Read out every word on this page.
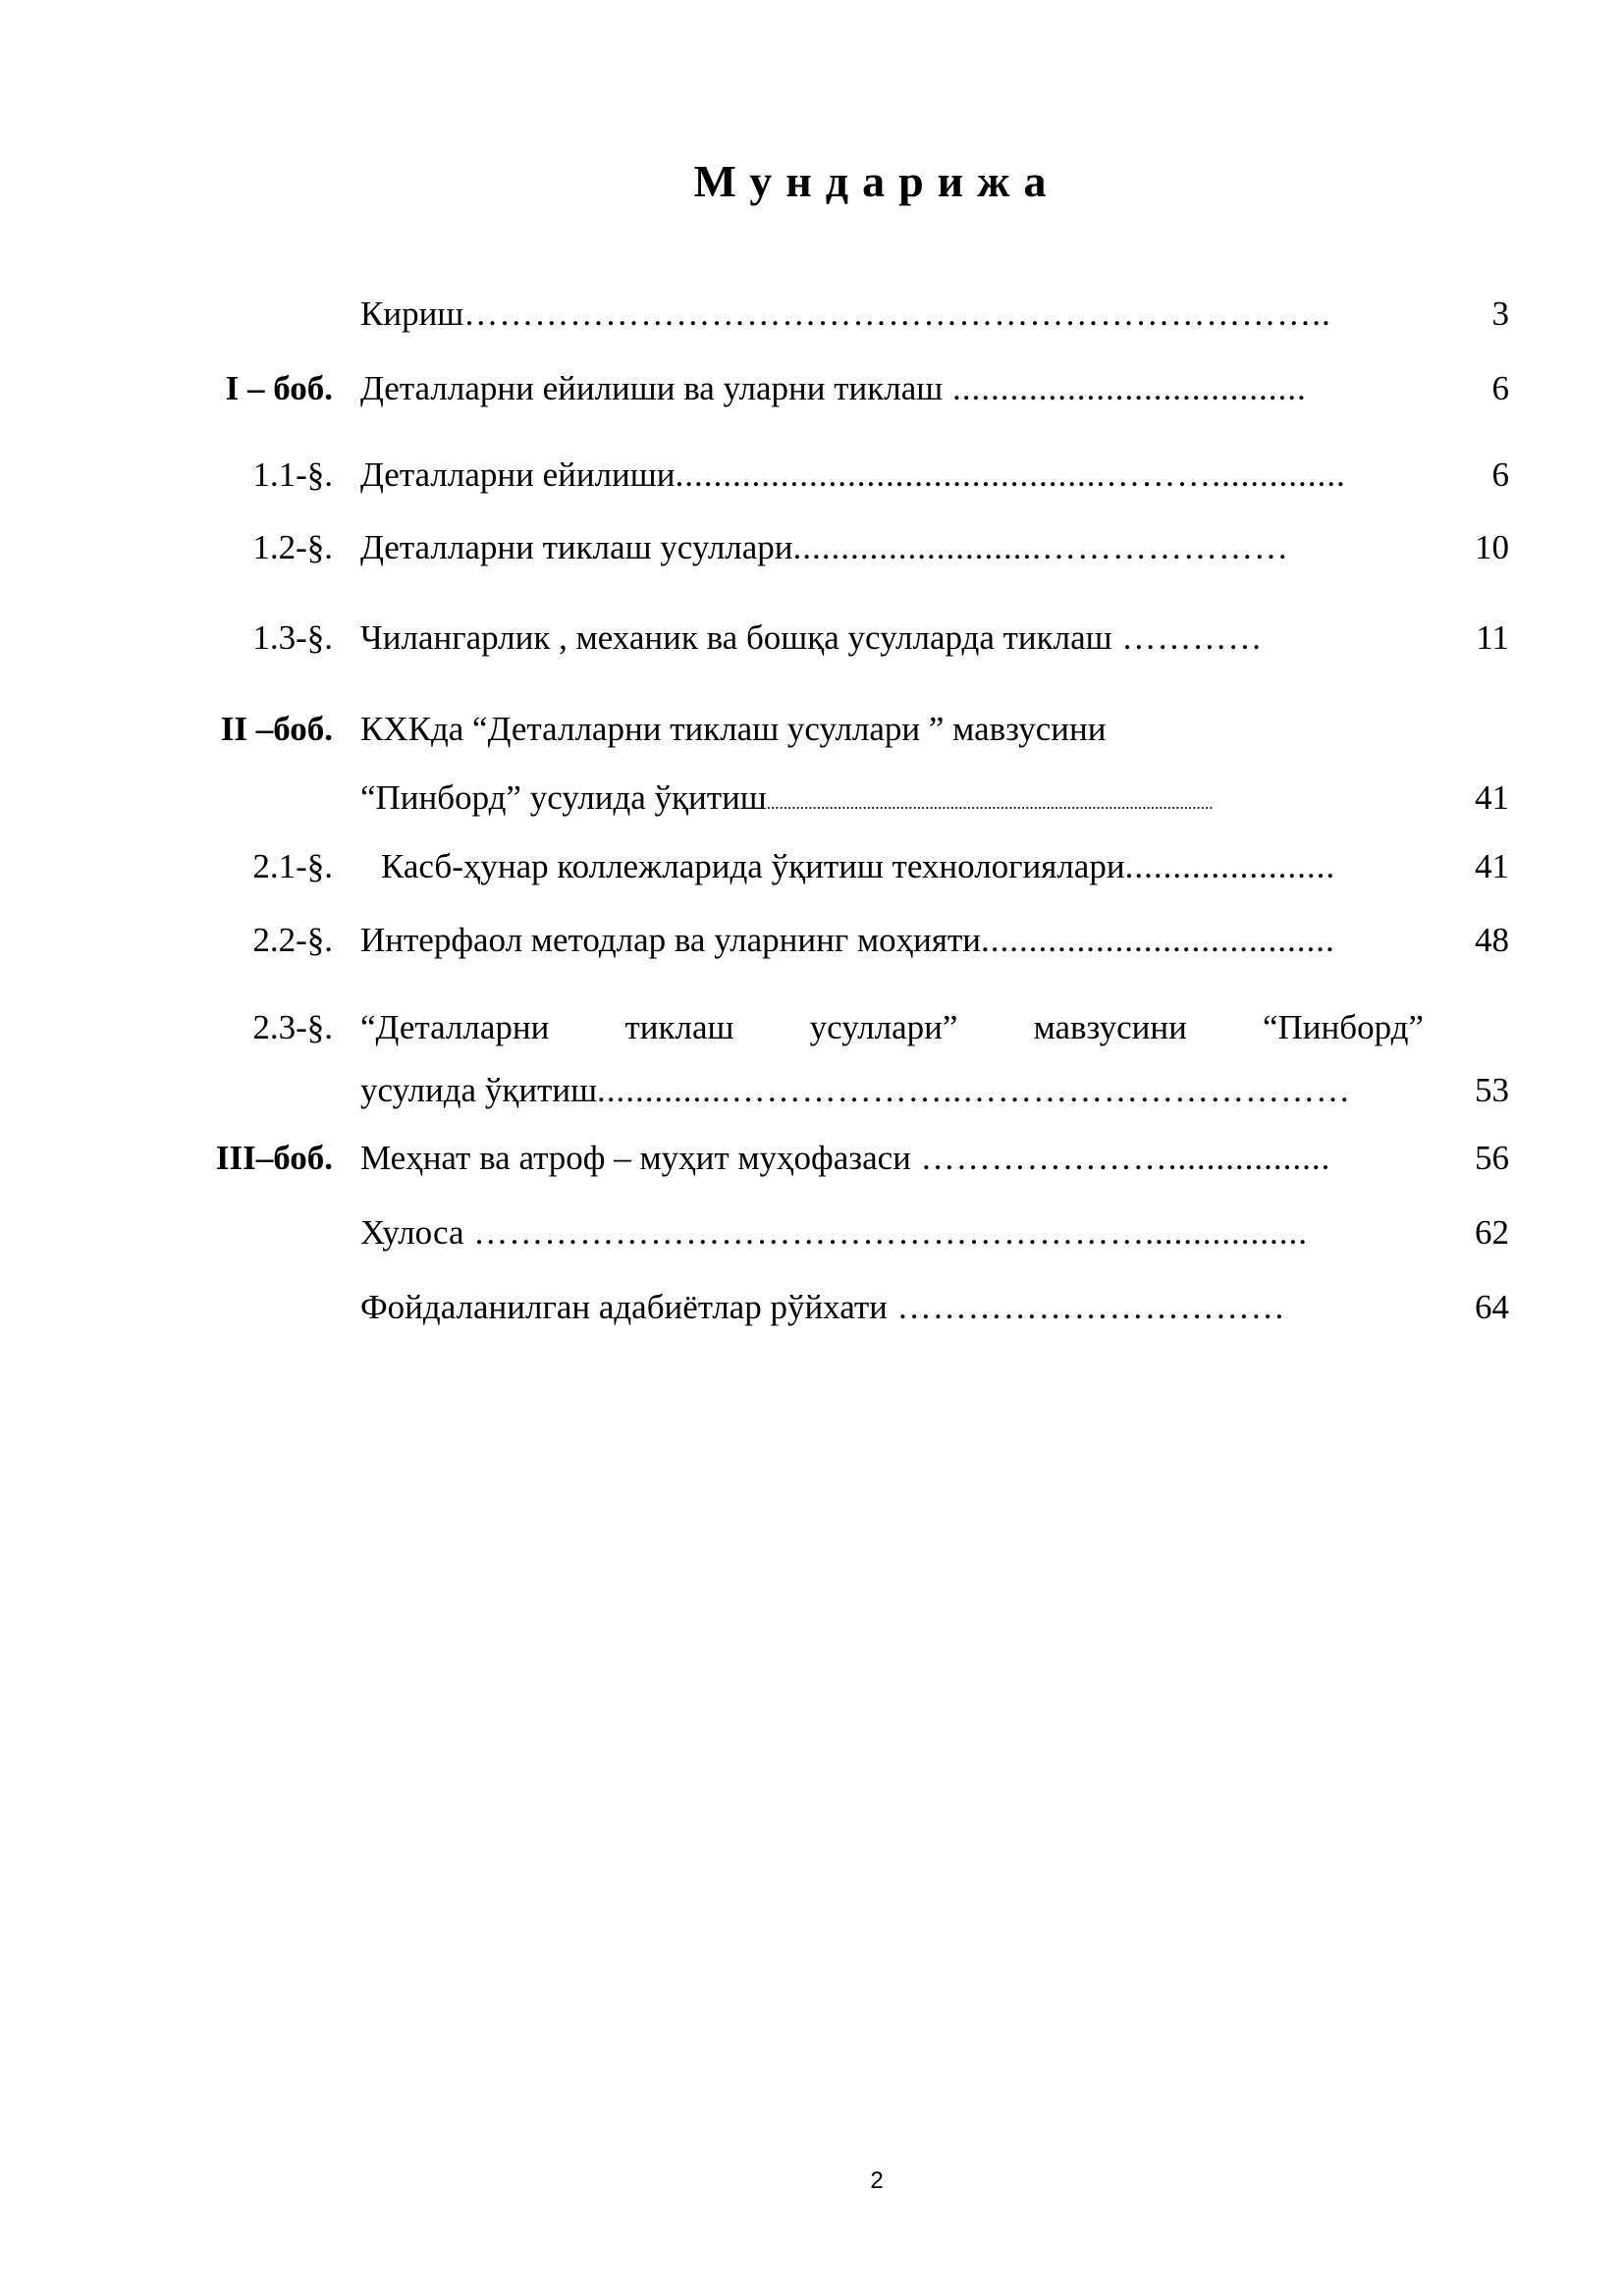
Мундарижа
Кириш………………………………………………………………..	3
I – боб. Деталларни ейилиши ва уларни тиклаш .....................................	6
1.1-§. Деталларни ейилиши.............................................………..............	6
1.2-§. Деталларни тиклаш усуллари..........................…………………	10
1.3-§. Чилангарлик , механик ва бошқа усулларда тиклаш …………	11
II –боб. КХКда “Деталларни тиклаш усуллари ” мавзусини
“Пинборд” усулида ўқитиш...........................................................................................................	41
2.1-§. Касб-ҳунар коллежларида ўқитиш технологиялари......................	41
2.2-§. Интерфаол методлар ва уларнинг моҳияти.....................................	48
2.3-§. “Деталларни тиклаш усуллари” мавзусини “Пинборд”
усулида ўқитиш..............………………..……………………………	53
III–боб. Меҳнат ва атроф – муҳит муҳофазаси ………………….................	56
Хулоса ………………………………………………….................	62
Фойдаланилган адабиётлар рўйхати ……………………………	64
2
